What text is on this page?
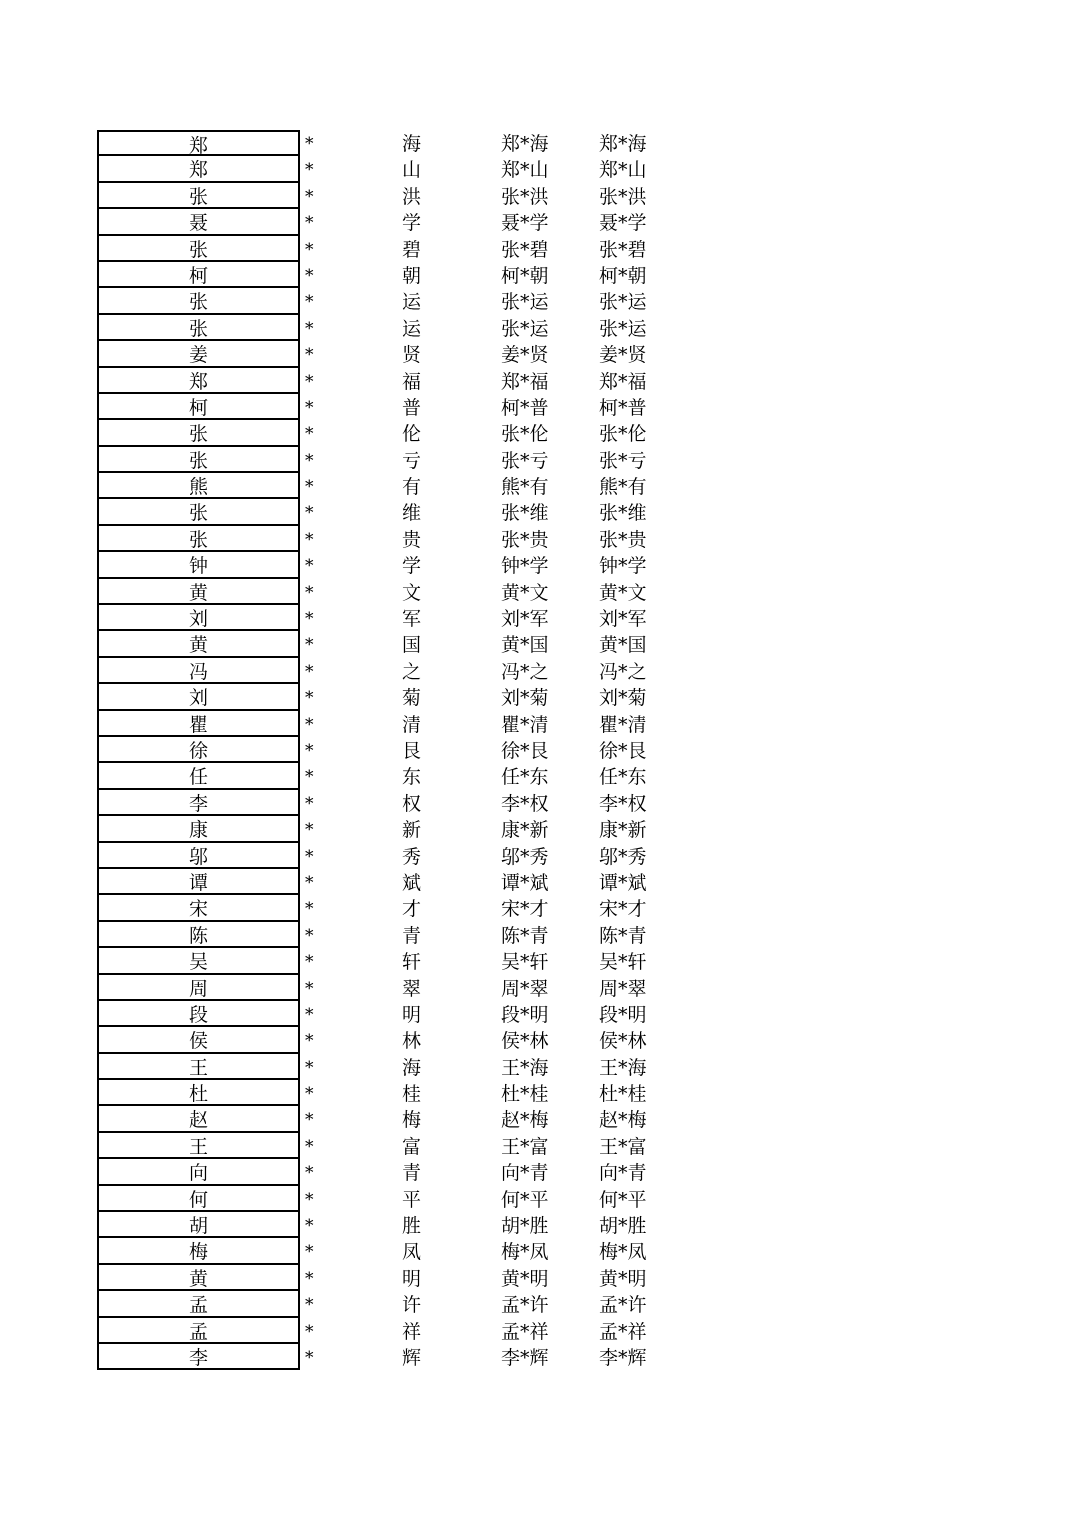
郑	*	海	郑*海	郑*海
郑	*	山	郑*山	郑*山
张	*	洪	张*洪	张*洪
聂	*	学	聂*学	聂*学
张	*	碧	张*碧	张*碧
柯	*	朝	柯*朝	柯*朝
张	*	运	张*运	张*运
张	*	运	张*运	张*运
姜	*	贤	姜*贤	姜*贤
郑	*	福	郑*福	郑*福
柯	*	普	柯*普	柯*普
张	*	伦	张*伦	张*伦
张	*	亏	张*亏	张*亏
熊	*	有	熊*有	熊*有
张	*	维	张*维	张*维
张	*	贵	张*贵	张*贵
钟	*	学	钟*学	钟*学
黄	*	文	黄*文	黄*文
刘	*	军	刘*军	刘*军
黄	*	国	黄*国	黄*国
冯	*	之	冯*之	冯*之
刘	*	菊	刘*菊	刘*菊
瞿	*	清	瞿*清	瞿*清
徐	*	艮	徐*艮	徐*艮
任	*	东	任*东	任*东
李	*	权	李*权	李*权
康	*	新	康*新	康*新
邬	*	秀	邬*秀	邬*秀
谭	*	斌	谭*斌	谭*斌
宋	*	才	宋*才	宋*才
陈	*	青	陈*青	陈*青
吴	*	轩	吴*轩	吴*轩
周	*	翠	周*翠	周*翠
段	*	明	段*明	段*明
侯	*	林	侯*林	侯*林
王	*	海	王*海	王*海
杜	*	桂	杜*桂	杜*桂
赵	*	梅	赵*梅	赵*梅
王	*	富	王*富	王*富
向	*	青	向*青	向*青
何	*	平	何*平	何*平
胡	*	胜	胡*胜	胡*胜
梅	*	凤	梅*凤	梅*凤
黄	*	明	黄*明	黄*明
孟	*	许	孟*许	孟*许
孟	*	祥	孟*祥	孟*祥
李	*	辉	李*辉	李*辉
